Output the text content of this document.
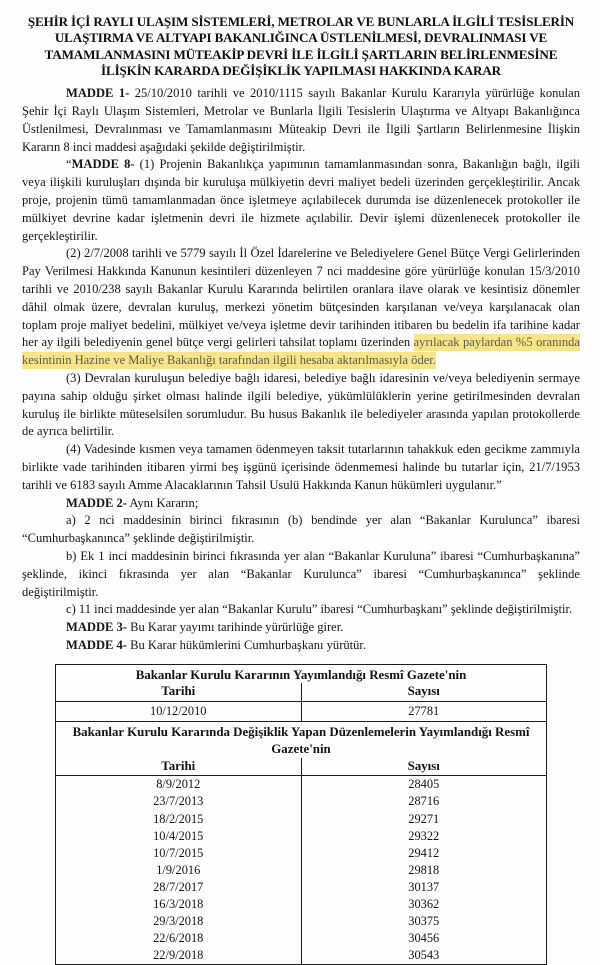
ŞEHİR İÇİ RAYLI ULAŞIM SİSTEMLERİ, METROLAR VE BUNLARLA İLGİLİ TESİSLERİN ULAŞTIRMA VE ALTYAPI BAKANLIĞINCA ÜSTLENİLMESİ, DEVRALINMASI VE TAMAMLANMASINI MÜTEAKİP DEVRİ İLE İLGİLİ ŞARTLARIN BELİRLENMESİNE İLİŞKİN KARARDA DEĞİŞİKLİK YAPILMASI HAKKINDA KARAR

MADDE 1- 25/10/2010 tarihli ve 2010/1115 sayılı Bakanlar Kurulu Kararıyla yürürlüğe konulan Şehir İçi Raylı Ulaşım Sistemleri, Metrolar ve Bunlarla İlgili Tesislerin Ulaştırma ve Altyapı Bakanlığınca Üstlenilmesi, Devralınması ve Tamamlanmasını Müteakip Devri ile İlgili Şartların Belirlenmesine İlişkin Kararın 8 inci maddesi aşağıdaki şekilde değiştirilmiştir.

“MADDE 8- (1) Projenin Bakanlıkça yapımının tamamlanmasından sonra, Bakanlığın bağlı, ilgili veya ilişkili kuruluşları dışında bir kuruluşa mülkiyetin devri maliyet bedeli üzerinden gerçekleştirilir. Ancak proje, projenin tümü tamamlanmadan önce işletmeye açılabilecek durumda ise düzenlenecek protokoller ile mülkiyet devrine kadar işletmenin devri ile hizmete açılabilir. Devir işlemi düzenlenecek protokoller ile gerçekleştirilir.

(2) 2/7/2008 tarihli ve 5779 sayılı İl Özel İdarelerine ve Belediyelere Genel Bütçe Vergi Gelirlerinden Pay Verilmesi Hakkında Kanunun kesintileri düzenleyen 7 nci maddesine göre yürürlüğe konulan 15/3/2010 tarihli ve 2010/238 sayılı Bakanlar Kurulu Kararında belirtilen oranlara ilave olarak ve kesintisiz dönemler dâhil olmak üzere, devralan kuruluş, merkezi yönetim bütçesinden karşılanan ve/veya karşılanacak olan toplam proje maliyet bedelini, mülkiyet ve/veya işletme devir tarihinden itibaren bu bedelin ifa tarihine kadar her ay ilgili belediyenin genel bütçe vergi gelirleri tahsilat toplamı üzerinden ayrılacak paylardan %5 oranında kesintinin Hazine ve Maliye Bakanlığı tarafından ilgili hesaba aktarılmasıyla öder.

(3) Devralan kuruluşun belediye bağlı idaresi, belediye bağlı idaresinin ve/veya belediyenin sermaye payına sahip olduğu şirket olması halinde ilgili belediye, yükümlülüklerin yerine getirilmesinden devralan kuruluş ile birlikte müteselsilen sorumludur. Bu husus Bakanlık ile belediyeler arasında yapılan protokollerde de ayrıca belirtilir.

(4) Vadesinde kısmen veya tamamen ödenmeyen taksit tutarlarının tahakkuk eden gecikme zammıyla birlikte vade tarihinden itibaren yirmi beş işgünü içerisinde ödenmemesi halinde bu tutarlar için, 21/7/1953 tarihli ve 6183 sayılı Amme Alacaklarının Tahsil Usulü Hakkında Kanun hükümleri uygulanır.”

MADDE 2- Aynı Kararın;

a) 2 nci maddesinin birinci fıkrasının (b) bendinde yer alan “Bakanlar Kurulunca” ibaresi “Cumhurbaşkanınca” şeklinde değiştirilmiştir.

b) Ek 1 inci maddesinin birinci fıkrasında yer alan “Bakanlar Kuruluna” ibaresi “Cumhurbaşkanına” şeklinde, ikinci fıkrasında yer alan “Bakanlar Kurulunca” ibaresi “Cumhurbaşkanınca” şeklinde değiştirilmiştir.

c) 11 inci maddesinde yer alan “Bakanlar Kurulu” ibaresi “Cumhurbaşkanı” şeklinde değiştirilmiştir.

MADDE 3- Bu Karar yayımı tarihinde yürürlüğe girer.

MADDE 4- Bu Karar hükümlerini Cumhurbaşkanı yürütür.

Bakanlar Kurulu Kararının Yayımlandığı Resmî Gazete'nin	
Tarihi	Sayısı
10/12/2010	27781
Bakanlar Kurulu Kararında Değişiklik Yapan Düzenlemelerin Yayımlandığı Resmî Gazete'nin	
Tarihi	Sayısı
8/9/2012	28405
23/7/2013	28716
18/2/2015	29271
10/4/2015	29322
10/7/2015	29412
1/9/2016	29818
28/7/2017	30137
16/3/2018	30362
29/3/2018	30375
22/6/2018	30456
22/9/2018	30543
